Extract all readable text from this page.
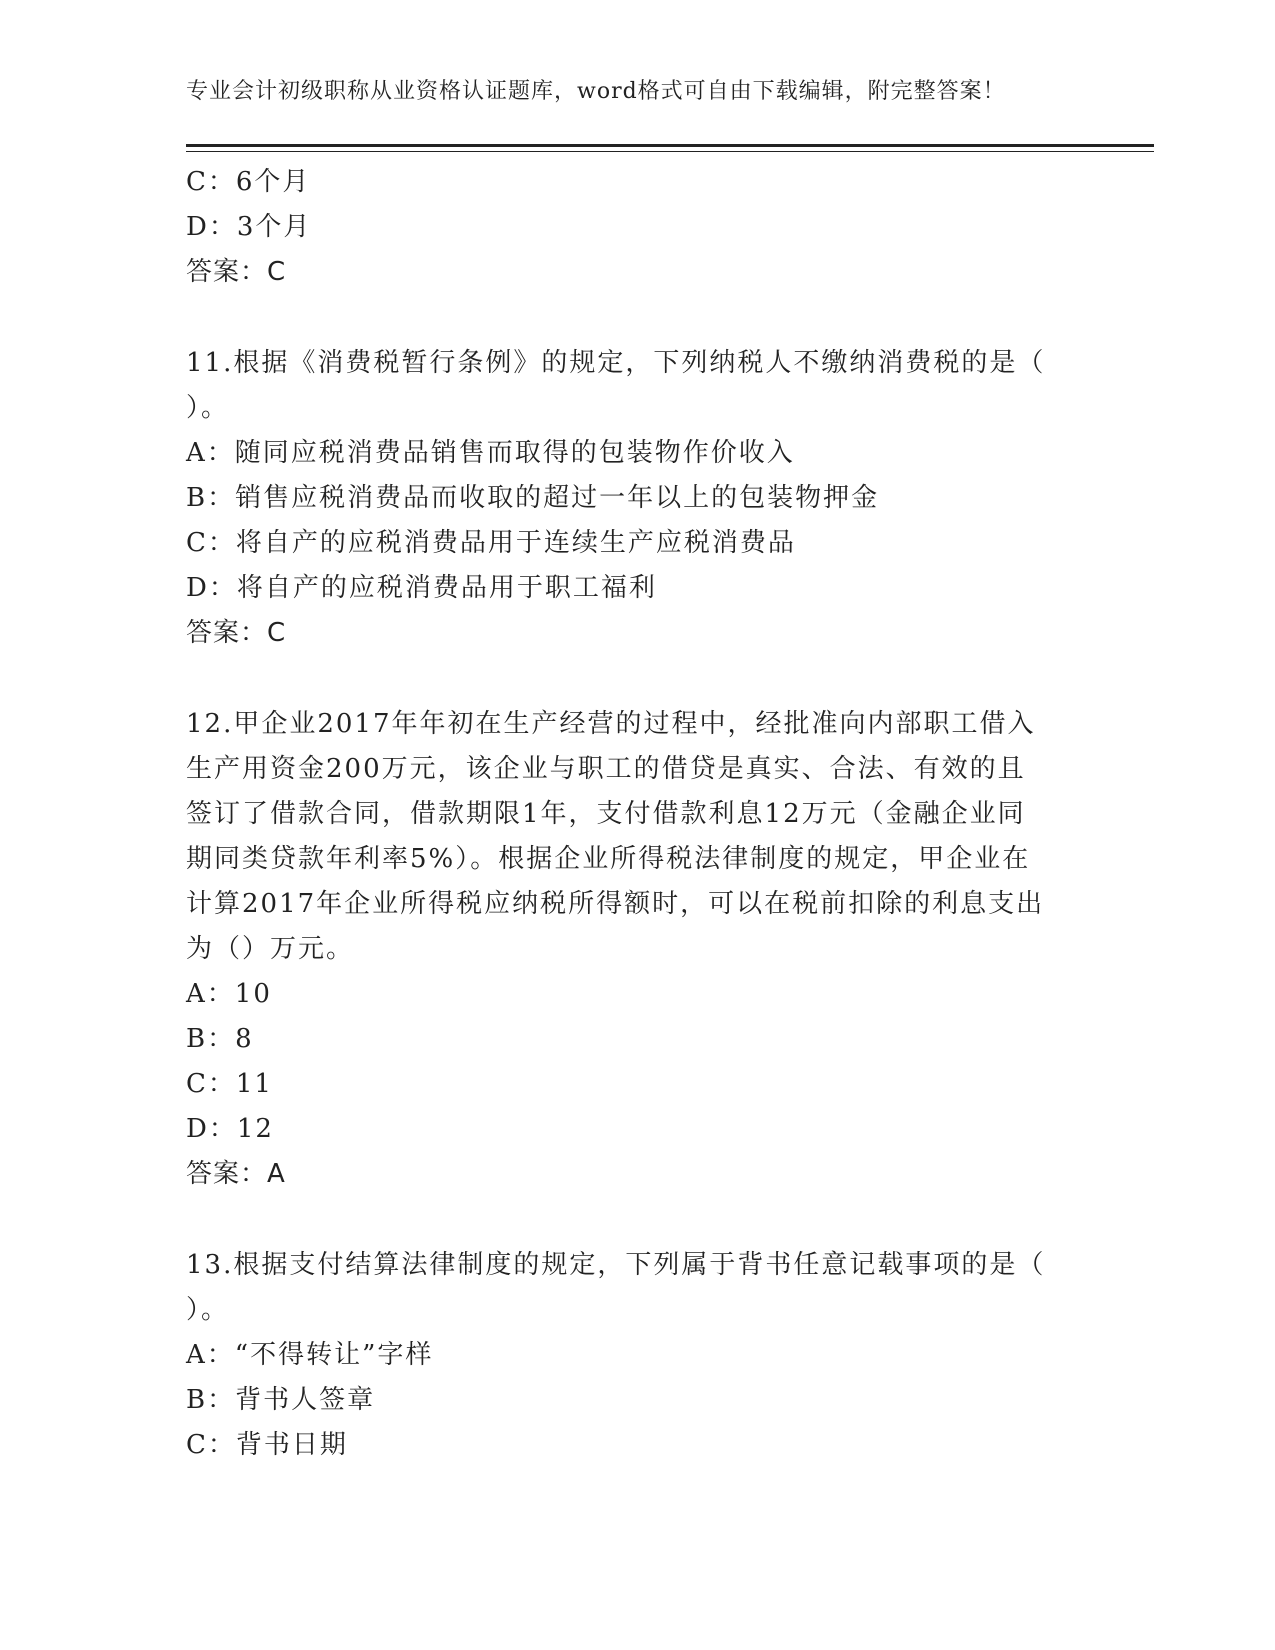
专业会计初级职称从业资格认证题库，word格式可自由下载编辑，附完整答案！
C：6个月
D：3个月
答案：C
11.根据《消费税暂行条例》的规定，下列纳税人不缴纳消费税的是（
）。
A：随同应税消费品销售而取得的包装物作价收入
B：销售应税消费品而收取的超过一年以上的包装物押金
C：将自产的应税消费品用于连续生产应税消费品
D：将自产的应税消费品用于职工福利
答案：C
12.甲企业2017年年初在生产经营的过程中，经批准向内部职工借入
生产用资金200万元，该企业与职工的借贷是真实、合法、有效的且
签订了借款合同，借款期限1年，支付借款利息12万元（金融企业同
期同类贷款年利率5%）。根据企业所得税法律制度的规定，甲企业在
计算2017年企业所得税应纳税所得额时，可以在税前扣除的利息支出
为（）万元。
A：10
B：8
C：11
D：12
答案：A
13.根据支付结算法律制度的规定，下列属于背书任意记载事项的是（
）。
A：“不得转让”字样
B：背书人签章
C：背书日期
